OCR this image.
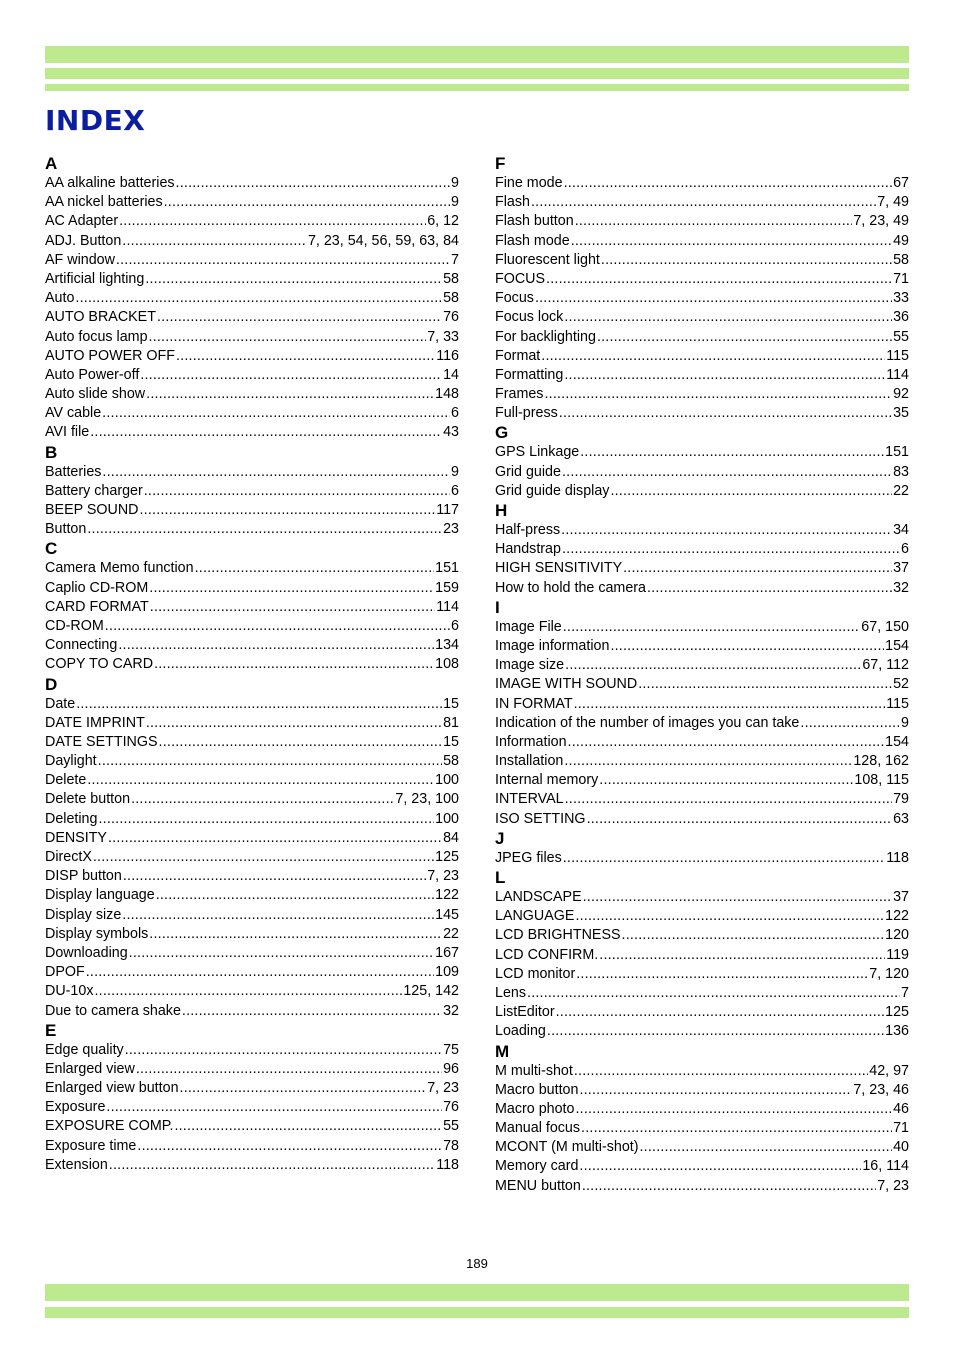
INDEX
A
AA alkaline batteries .....	9
AA nickel batteries .....	9
AC Adapter .....	6, 12
ADJ. Button .....	7, 23, 54, 56, 59, 63, 84
AF window .....	7
Artificial lighting .....	58
Auto .....	58
AUTO BRACKET .....	76
Auto focus lamp .....	7, 33
AUTO POWER OFF .....	116
Auto Power-off .....	14
Auto slide show .....	148
AV cable .....	6
AVI file .....	43
B
Batteries .....	9
Battery charger .....	6
BEEP SOUND .....	117
Button .....	23
C
Camera Memo function .....	151
Caplio CD-ROM .....	159
CARD FORMAT .....	114
CD-ROM .....	6
Connecting .....	134
COPY TO CARD .....	108
D
Date .....	15
DATE IMPRINT .....	81
DATE SETTINGS .....	15
Daylight .....	58
Delete .....	100
Delete button .....	7, 23, 100
Deleting .....	100
DENSITY .....	84
DirectX .....	125
DISP button .....	7, 23
Display language .....	122
Display size .....	145
Display symbols .....	22
Downloading .....	167
DPOF .....	109
DU-10x .....	125, 142
Due to camera shake .....	32
E
Edge quality .....	75
Enlarged view .....	96
Enlarged view button .....	7, 23
Exposure .....	76
EXPOSURE COMP. .....	55
Exposure time .....	78
Extension .....	118
F
Fine mode .....	67
Flash .....	7, 49
Flash button .....	7, 23, 49
Flash mode .....	49
Fluorescent light .....	58
FOCUS .....	71
Focus .....	33
Focus lock .....	36
For backlighting .....	55
Format .....	115
Formatting .....	114
Frames .....	92
Full-press .....	35
G
GPS Linkage .....	151
Grid guide .....	83
Grid guide display .....	22
H
Half-press .....	34
Handstrap .....	6
HIGH SENSITIVITY .....	37
How to hold the camera .....	32
I
Image File .....	67, 150
Image information .....	154
Image size .....	67, 112
IMAGE WITH SOUND .....	52
IN FORMAT .....	115
Indication of the number of images you can take .....	9
Information .....	154
Installation .....	128, 162
Internal memory .....	108, 115
INTERVAL .....	79
ISO SETTING .....	63
J
JPEG files .....	118
L
LANDSCAPE .....	37
LANGUAGE .....	122
LCD BRIGHTNESS .....	120
LCD CONFIRM. .....	119
LCD monitor .....	7, 120
Lens .....	7
ListEditor .....	125
Loading .....	136
M
M multi-shot .....	42, 97
Macro button .....	7, 23, 46
Macro photo .....	46
Manual focus .....	71
MCONT (M multi-shot) .....	40
Memory card .....	16, 114
MENU button .....	7, 23
189
